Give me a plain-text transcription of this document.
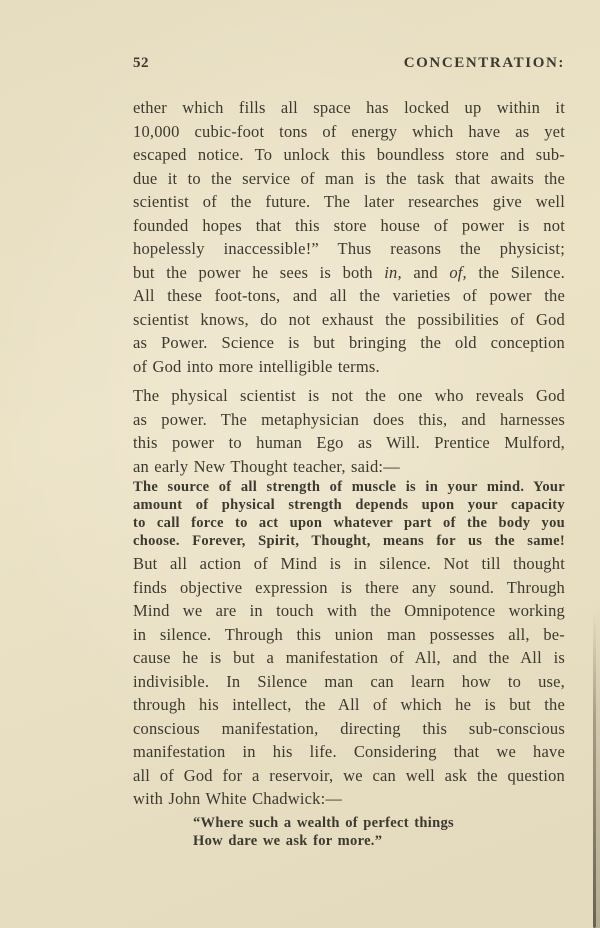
52	CONCENTRATION:
ether which fills all space has locked up within it
10,000 cubic-foot tons of energy which have as yet
escaped notice. To unlock this boundless store and sub-
due it to the service of man is the task that awaits the
scientist of the future. The later researches give well
founded hopes that this store house of power is not
hopelessly inaccessible!” Thus reasons the physicist;
but the power he sees is both in, and of, the Silence.
All these foot-tons, and all the varieties of power the
scientist knows, do not exhaust the possibilities of God
as Power. Science is but bringing the old conception
of God into more intelligible terms.
The physical scientist is not the one who reveals God
as power. The metaphysician does this, and harnesses
this power to human Ego as Will. Prentice Mulford,
an early New Thought teacher, said:—
The source of all strength of muscle is in your mind. Your
amount of physical strength depends upon your capacity
to call force to act upon whatever part of the body you
choose. Forever, Spirit, Thought, means for us the same!
But all action of Mind is in silence. Not till thought
finds objective expression is there any sound. Through
Mind we are in touch with the Omnipotence working
in silence. Through this union man possesses all, be-
cause he is but a manifestation of All, and the All is
indivisible. In Silence man can learn how to use,
through his intellect, the All of which he is but the
conscious manifestation, directing this sub-conscious
manifestation in his life. Considering that we have
all of God for a reservoir, we can well ask the question
with John White Chadwick:—
“Where such a wealth of perfect things
How dare we ask for more.”
